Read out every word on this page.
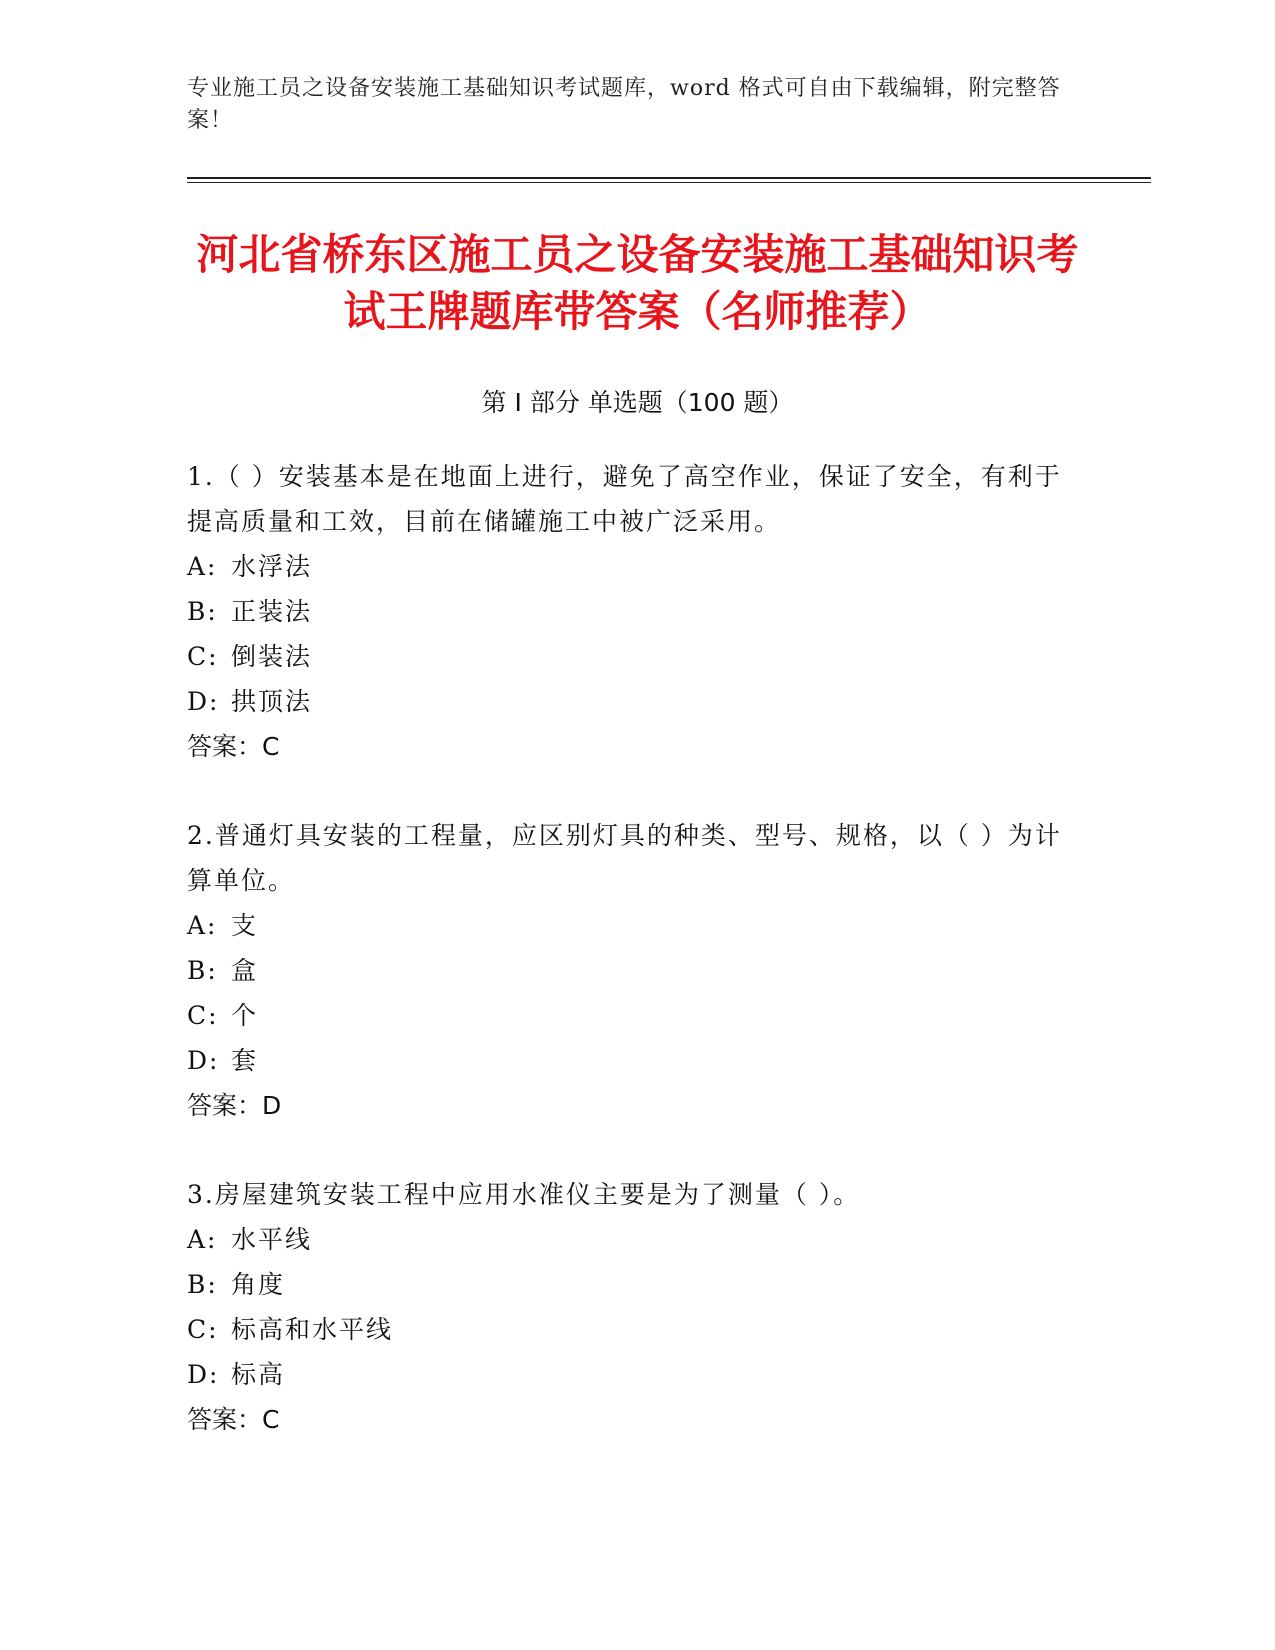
专业施工员之设备安装施工基础知识考试题库，word 格式可自由下载编辑，附完整答案！
河北省桥东区施工员之设备安装施工基础知识考试王牌题库带答案（名师推荐）
第 I 部分 单选题（100 题）

1.（ ）安装基本是在地面上进行，避免了高空作业，保证了安全，有利于提高质量和工效，目前在储罐施工中被广泛采用。

A: 水浮法

B: 正装法

C: 倒装法

D: 拱顶法

答案：C

2.普通灯具安装的工程量，应区别灯具的种类、型号、规格，以（ ）为计算单位。

A: 支

B: 盒

C: 个

D: 套

答案：D

3.房屋建筑安装工程中应用水准仪主要是为了测量（ ）。

A: 水平线

B: 角度

C: 标高和水平线

D: 标高

答案：C
